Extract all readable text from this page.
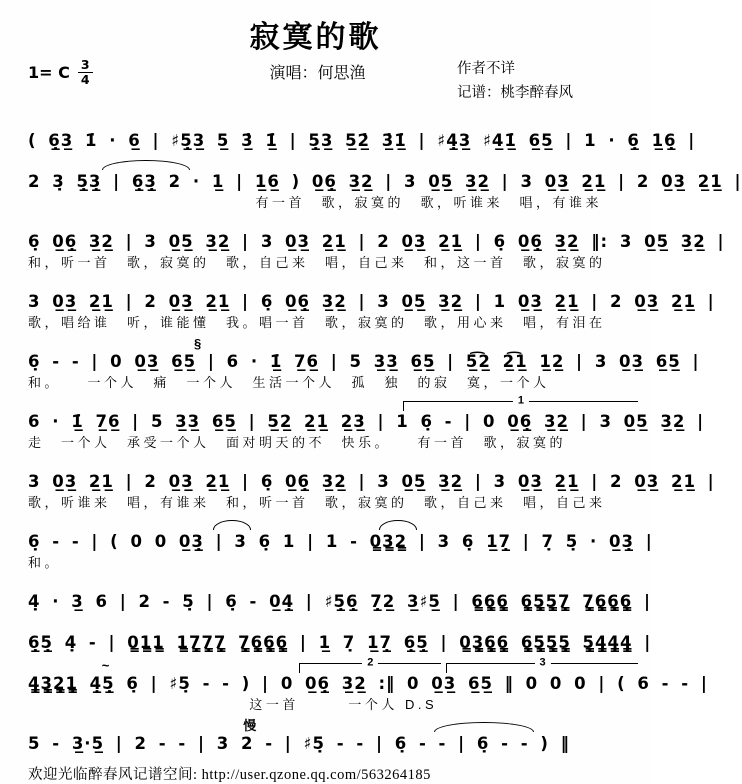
寂寞的歌
1= C $\frac{3}{4}$	演唱：何思渔	作者不详
记谱：桃李醉春风
( 6̲̣3̲ 1̇ · 6̲ | ♯5̲̣3̲ 5̲ 3̲̇ 1̲̇ | 5̲̣3̲ 5̲2̲̇ 3̲̇1̲̇ | ♯4̲̣3̲ ♯4̲1̲̇ 6̲5̲ | 1 · 6̲̣ 1̲6̲̣ |
2 3̣ 5̲̣3̲̣ | 6̲̣3̲̣ 2 · 1̲ | 1̲6̲ ) 0̲6̲̣ 3̲2̲ | 3 0̲5̲ 3̲2̲ | 3 0̲3̲ 2̲1̲ | 2 0̲3̲ 2̲1̲ |
有一首　歌，寂寞的　歌，听谁来　唱，有谁来
6̣ 0̲6̲̣ 3̲2̲ | 3 0̲5̲ 3̲2̲ | 3 0̲3̲ 2̲1̲ | 2 0̲3̲ 2̲1̲ | 6̣ 0̲6̲̣ 3̲2̲ ‖: 3 0̲5̲ 3̲2̲ |
和，听一首　歌，寂寞的　歌，自己来　唱，自己来　和，这一首　歌，寂寞的
3 0̲3̲ 2̲1̲ | 2 0̲3̲ 2̲1̲ | 6̣ 0̲6̲̣ 3̲2̲ | 3 0̲5̲ 3̲2̲ | 1 0̲3̲ 2̲1̲ | 2 0̲3̲ 2̲1̲ |
歌，唱给谁　听，谁能懂　我。唱一首　歌，寂寞的　歌，用心来　唱，有泪在
§
6̣ - - | 0 0̲3̲ 6̲5̲ | 6 · 1̲̇ 7̲6̲ | 5 3̲3̲ 6̲5̲ | 5̲͡2̲ 2̲͡1̲ 1̲2̲ | 3 0̲3̲ 6̲5̲ |
和。　　一个人　痛　一个人　生活一个人　孤　独　的寂　寞，一个人
1
6 · 1̲̇ 7̲6̲ | 5 3̲3̲ 6̲5̲ | 5̲2̲ 2̲1̲ 2̲3̲ | 1 6̣ - | 0 0̲6̲̣ 3̲2̲ | 3 0̲5̲ 3̲2̲ |
走　一个人　承受一个人　面对明天的不　快乐。　　有一首　歌，寂寞的
3 0̲3̲ 2̲1̲ | 2 0̲3̲ 2̲1̲ | 6̣ 0̲6̲̣ 3̲2̲ | 3 0̲5̲ 3̲2̲ | 3 0̲3̲ 2̲1̲ | 2 0̲3̲ 2̲1̲ |
歌，听谁来　唱，有谁来　和，听一首　歌，寂寞的　歌，自己来　唱，自己来
6̣ - - | ( 0 0 0̲3̲̣ | 3 6̣ 1 | 1 - 0̳3̳2̳ | 3 6̣ 1̲7̲̣ | 7̣ 5̣ · 0̲3̲̣ |
和。
4̣ · 3̲ 6 | 2 - 5̣ | 6̣ - 0̲4̲̣ | ♯5̲̣6̲̣ 7̲̣2̲ 3̲♯5̲ | 6̳6̳̣6̳̣ 6̳̣5̳̣5̳̣7̳̣ 7̳̣6̳̣6̳̣6̳̣ |
6̲̣5̲̣ 4̣ - | 0̳1̳1̳ 1̳7̳̣7̳̣7̳̣ 7̳̣6̳̣6̳̣6̳̣ | 1̲ 7̣ 1̲7̲̣ 6̲̣5̲̣ | 0̳3̳̣6̳̣6̳̣ 6̳̣5̳̣5̳̣5̳̣ 5̳̣4̳̣4̳̣4̳̣ |
~	2	3
4̳̣3̳̣2̳̣1̳̣ 4̲̣5̲̣ 6̣ | ♯5̣ - - ) | 0 0̲6̲̣ 3̲2̲ :‖ 0 0̲3̲ 6̲5̲ ‖ 0 0 0 | ( 6 - - |
这一首　　　一个人 D.S
慢
5 - 3̲·5̲ | 2 - - | 3 2 - | ♯5̣ - - | 6̣ - - | 6̣ - - ) ‖
欢迎光临醉春风记谱空间: http://user.qzone.qq.com/563264185
